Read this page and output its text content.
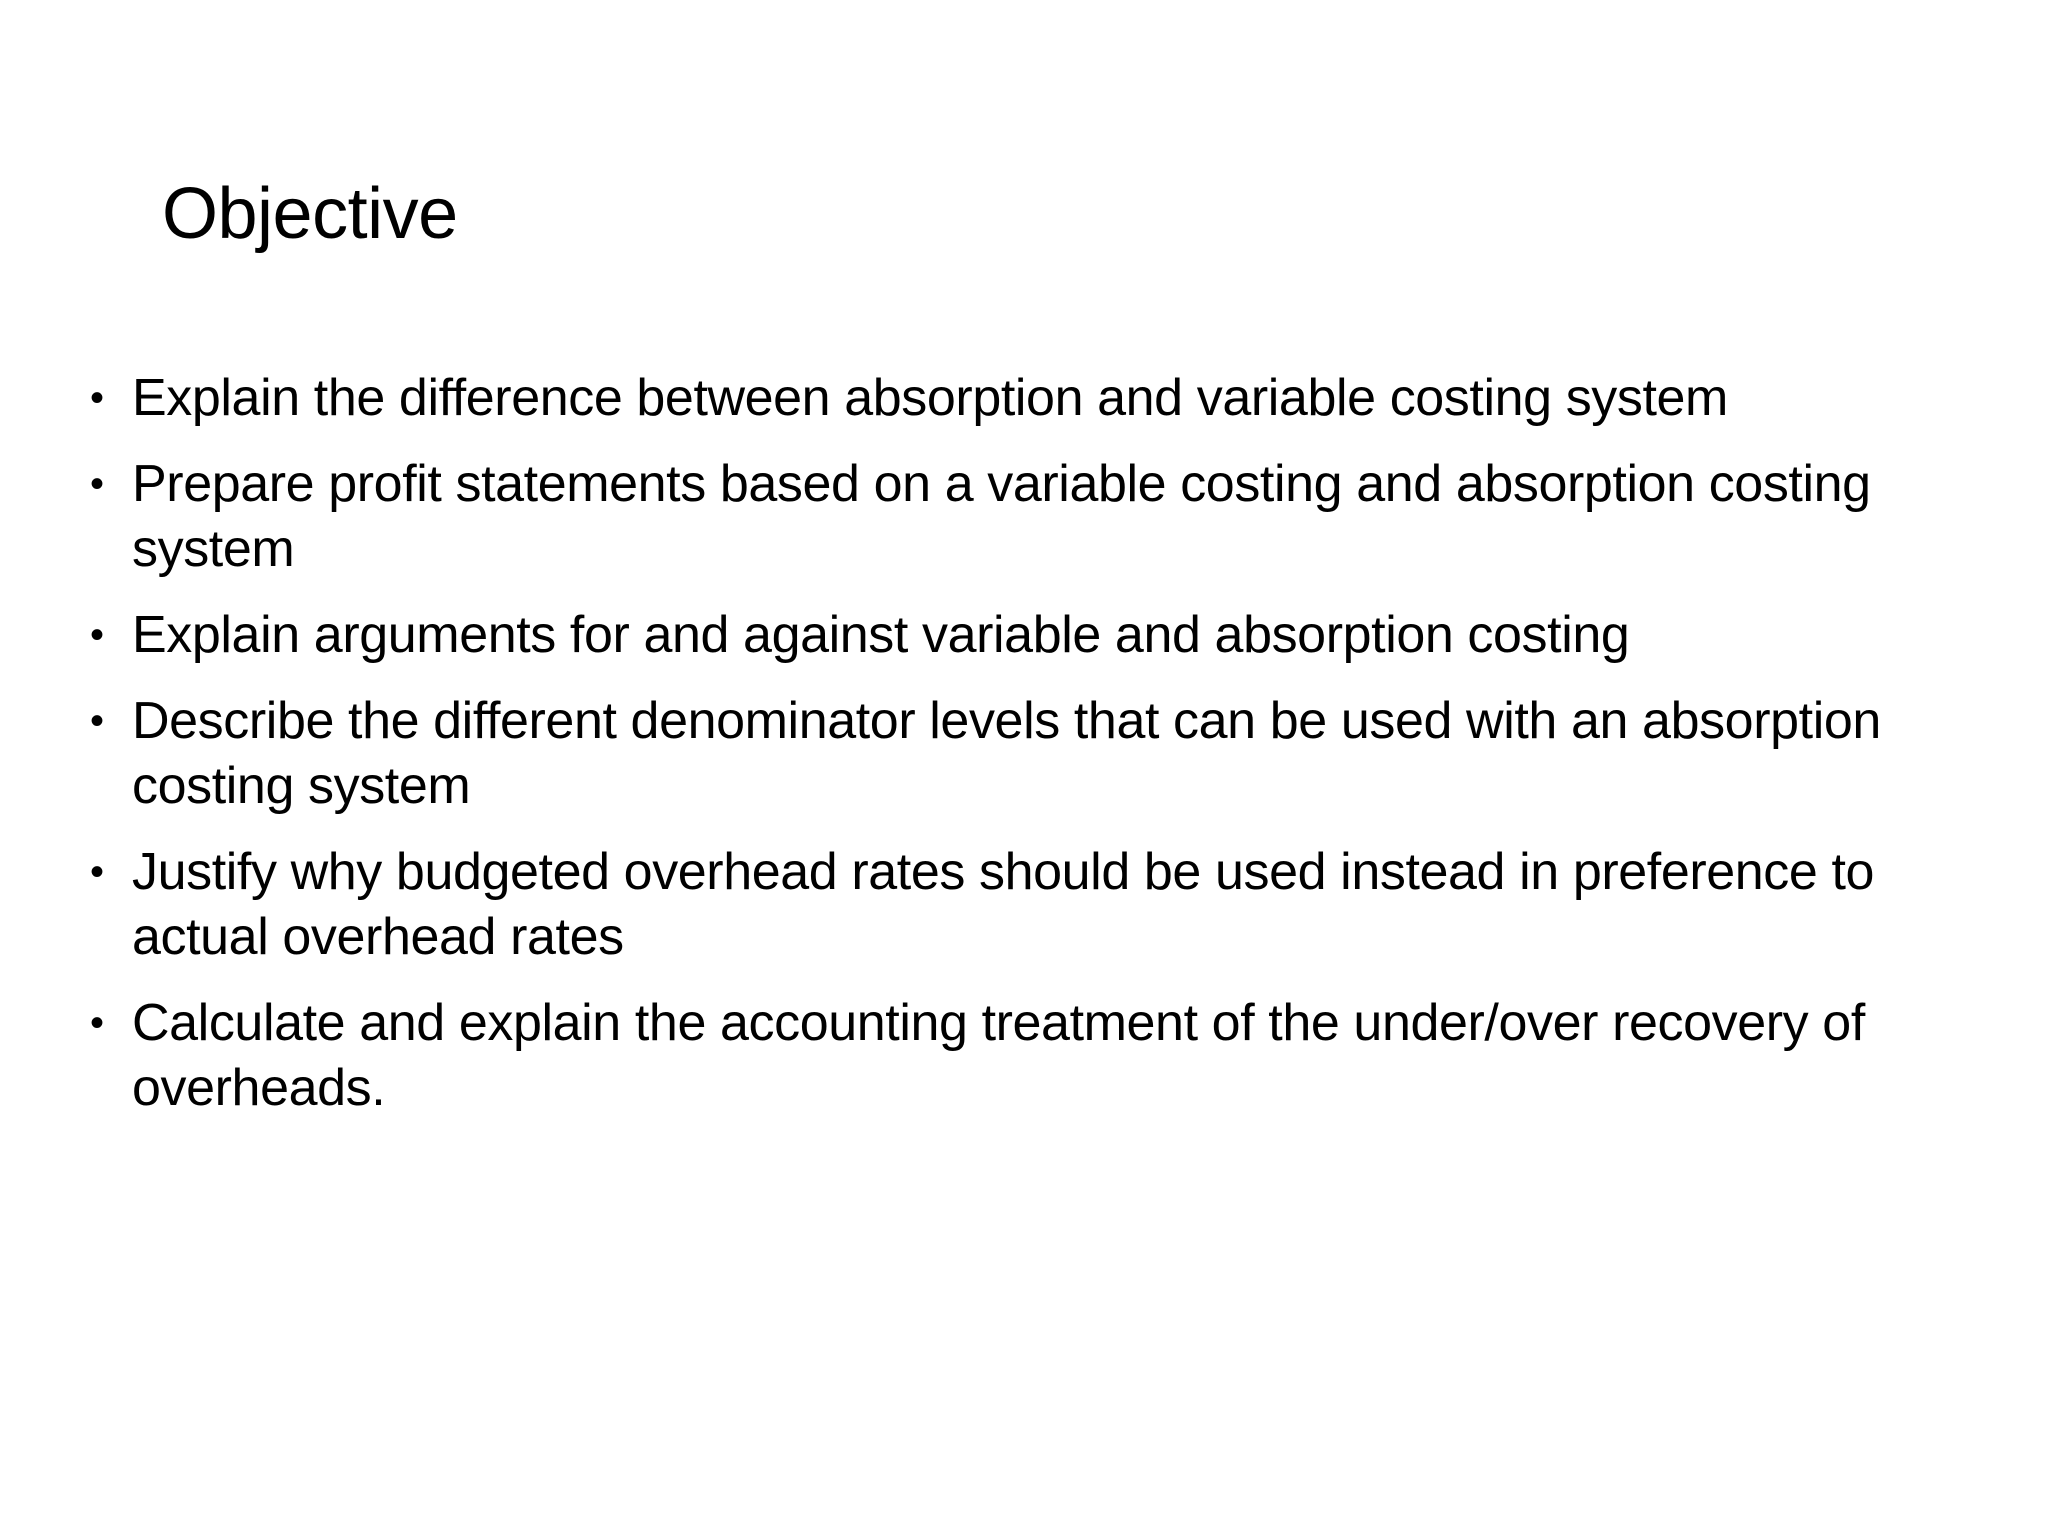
Objective
• Explain the difference between absorption and variable costing system
• Prepare profit statements based on a variable costing and absorption costing system
• Explain arguments for and against variable and absorption costing
• Describe the different denominator levels that can be used with an absorption costing system
• Justify why budgeted overhead rates should be used instead in preference to actual overhead rates
• Calculate and explain the accounting treatment of the under/over recovery of overheads.
